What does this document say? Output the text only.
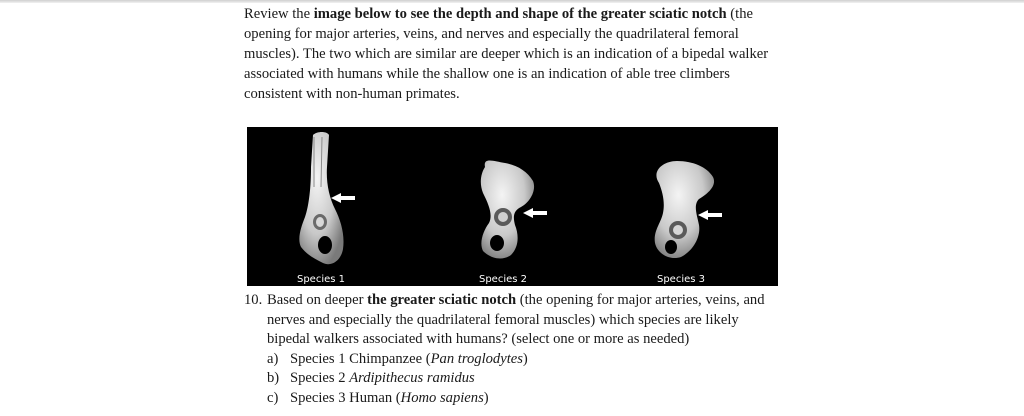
Review the image below to see the depth and shape of the greater sciatic notch (the opening for major arteries, veins, and nerves and especially the quadrilateral femoral muscles). The two which are similar are deeper which is an indication of a bipedal walker associated with humans while the shallow one is an indication of able tree climbers consistent with non-human primates.

Species 1	Species 2	Species 3
10. Based on deeper the greater sciatic notch (the opening for major arteries, veins, and nerves and especially the quadrilateral femoral muscles) which species are likely bipedal walkers associated with humans? (select one or more as needed)
a) Species 1 Chimpanzee (Pan troglodytes)
b) Species 2 Ardipithecus ramidus
c) Species 3 Human (Homo sapiens)
